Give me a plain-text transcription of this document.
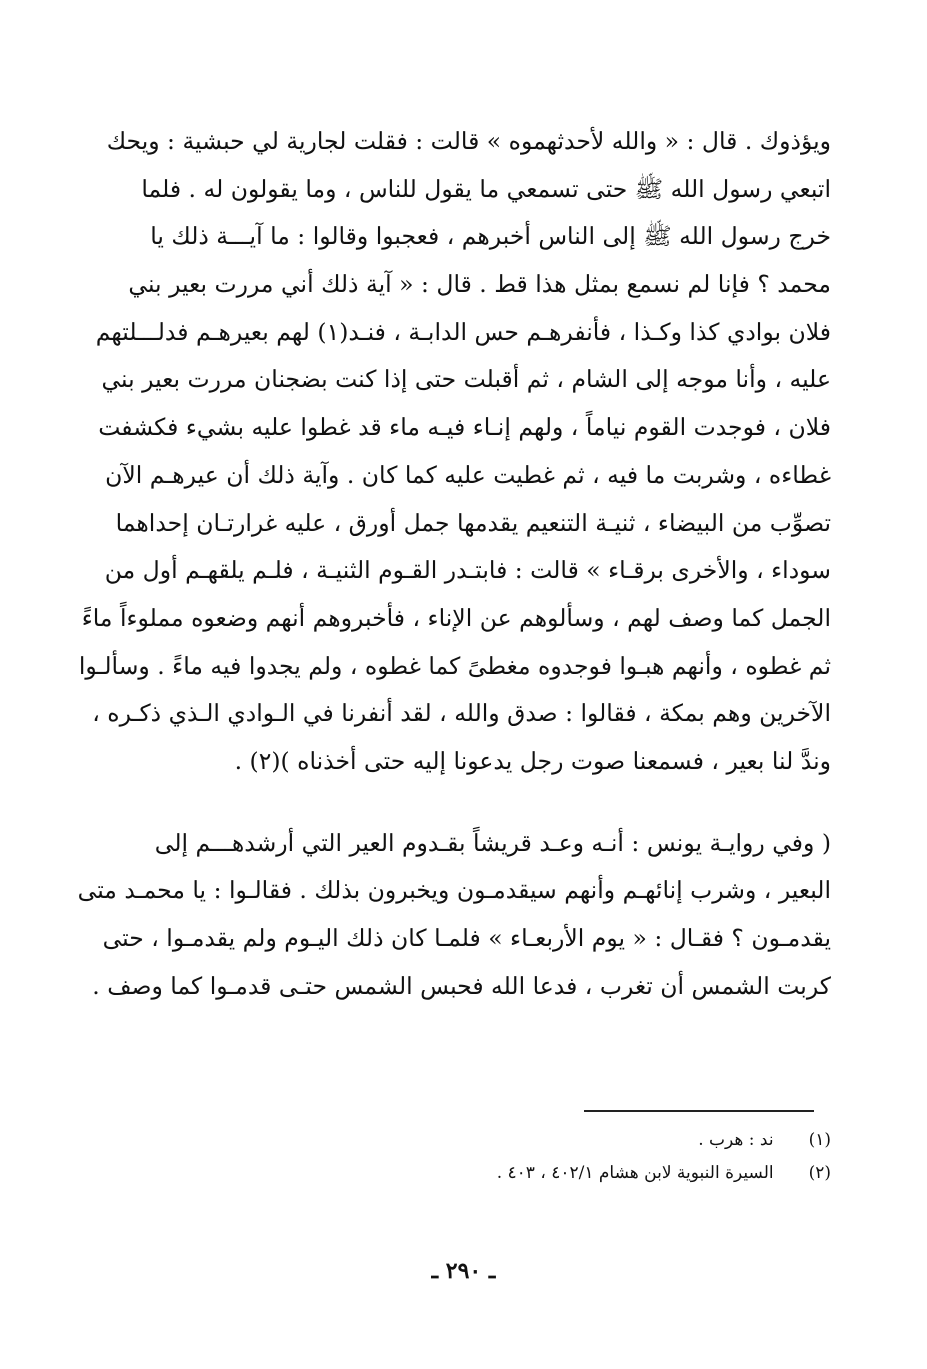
ويؤذوك . قال : « والله لأحدثهموه » قالت : فقلت لجارية لي حبشية : ويحك
اتبعي رسول الله ﷺ حتى تسمعي ما يقول للناس ، وما يقولون له . فلما
خرج رسول الله ﷺ إلى الناس أخبرهم ، فعجبوا وقالوا : ما آيـــة ذلك يا
محمد ؟ فإنا لم نسمع بمثل هذا قط . قال : « آية ذلك أني مررت بعير بني
فلان بوادي كذا وكـذا ، فأنفرهـم حس الدابـة ، فنـد(١) لهم بعيرهـم فدلـــلتهم
عليه ، وأنا موجه إلى الشام ، ثم أقبلت حتى إذا كنت بضجنان مررت بعير بني
فلان ، فوجدت القوم نياماً ، ولهم إنـاء فيـه ماء قد غطوا عليه بشيء فكشفت
غطاءه ، وشربت ما فيه ، ثم غطيت عليه كما كان . وآية ذلك أن عيرهـم الآن
تصوِّب من البيضاء ، ثنيـة التنعيم يقدمها جمل أورق ، عليه غرارتـان إحداهما
سوداء ، والأخرى برقـاء » قالت : فابتـدر القـوم الثنيـة ، فلـم يلقهـم أول من
الجمل كما وصف لهم ، وسألوهم عن الإناء ، فأخبروهم أنهم وضعوه مملوءاً ماءً
ثم غطوه ، وأنهم هبـوا فوجدوه مغطىً كما غطوه ، ولم يجدوا فيه ماءً . وسألـوا
الآخرين وهم بمكة ، فقالوا : صدق والله ، لقد أنفرنا في الـوادي الـذي ذكـره ،
وندَّ لنا بعير ، فسمعنا صوت رجل يدعونا إليه حتى أخذناه )(٢) .
( وفي روايـة يونس : أنـه وعـد قريشاً بقـدوم العير التي أرشدهـــم إلى
البعير ، وشرب إنائهـم وأنهم سيقدمـون ويخبرون بذلك . فقالـوا : يا محمـد متى
يقدمـون ؟ فقـال : « يوم الأربعـاء » فلمـا كان ذلك اليـوم ولم يقدمـوا ، حتى
كربت الشمس أن تغرب ، فدعا الله فحبس الشمس حتـى قدمـوا كما وصف .
(١) ند : هرب .
(٢) السيرة النبوية لابن هشام ٤٠٢/١ ، ٤٠٣ .
ـ ٢٩٠ ـ
